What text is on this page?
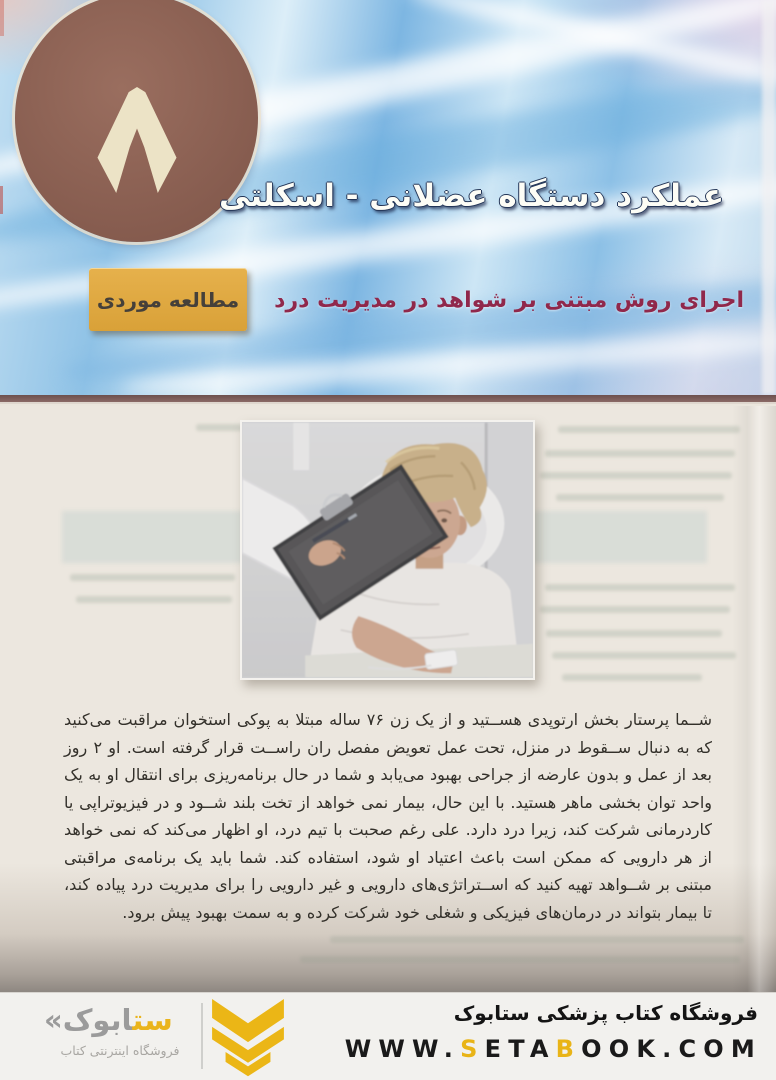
عملکرد دستگاه عضلانی - اسکلتی
مطالعه موردی	اجرای روش مبتنی بر شواهد در مدیریت درد

شــما پرستار بخش ارتوپدی هســتید و از یک زن ۷۶ ساله مبتلا به پوکی استخوان مراقبت می‌کنید که به دنبال ســقوط در منزل، تحت عمل تعویض مفصل ران راســت قرار گرفته است. او ۲ روز بعد از عمل و بدون عارضه از جراحی بهبود می‌یابد و شما در حال برنامه‌ریزی برای انتقال او به یک واحد توان بخشی ماهر هستید. با این حال، بیمار نمی خواهد از تخت بلند شــود و در فیزیوتراپی یا کاردرمانی شرکت کند، زیرا درد دارد. علی رغم صحبت با تیم درد، او اظهار می‌کند که نمی خواهد از هر دارویی که ممکن است باعث اعتیاد او شود، استفاده کند. شما باید یک برنامه‌ی مراقبتی مبتنی بر شــواهد تهیه کنید که اســتراتژی‌های دارویی و غیر دارویی را برای مدیریت درد پیاده کند، تا بیمار بتواند در درمان‌های فیزیکی و شغلی خود شرکت کرده و به سمت بهبود پیش برود.

ستابوک«
فروشگاه اینترنتی کتاب
فروشگاه کتاب پزشکی ستابوک
WWW.SETABOOK.COM
